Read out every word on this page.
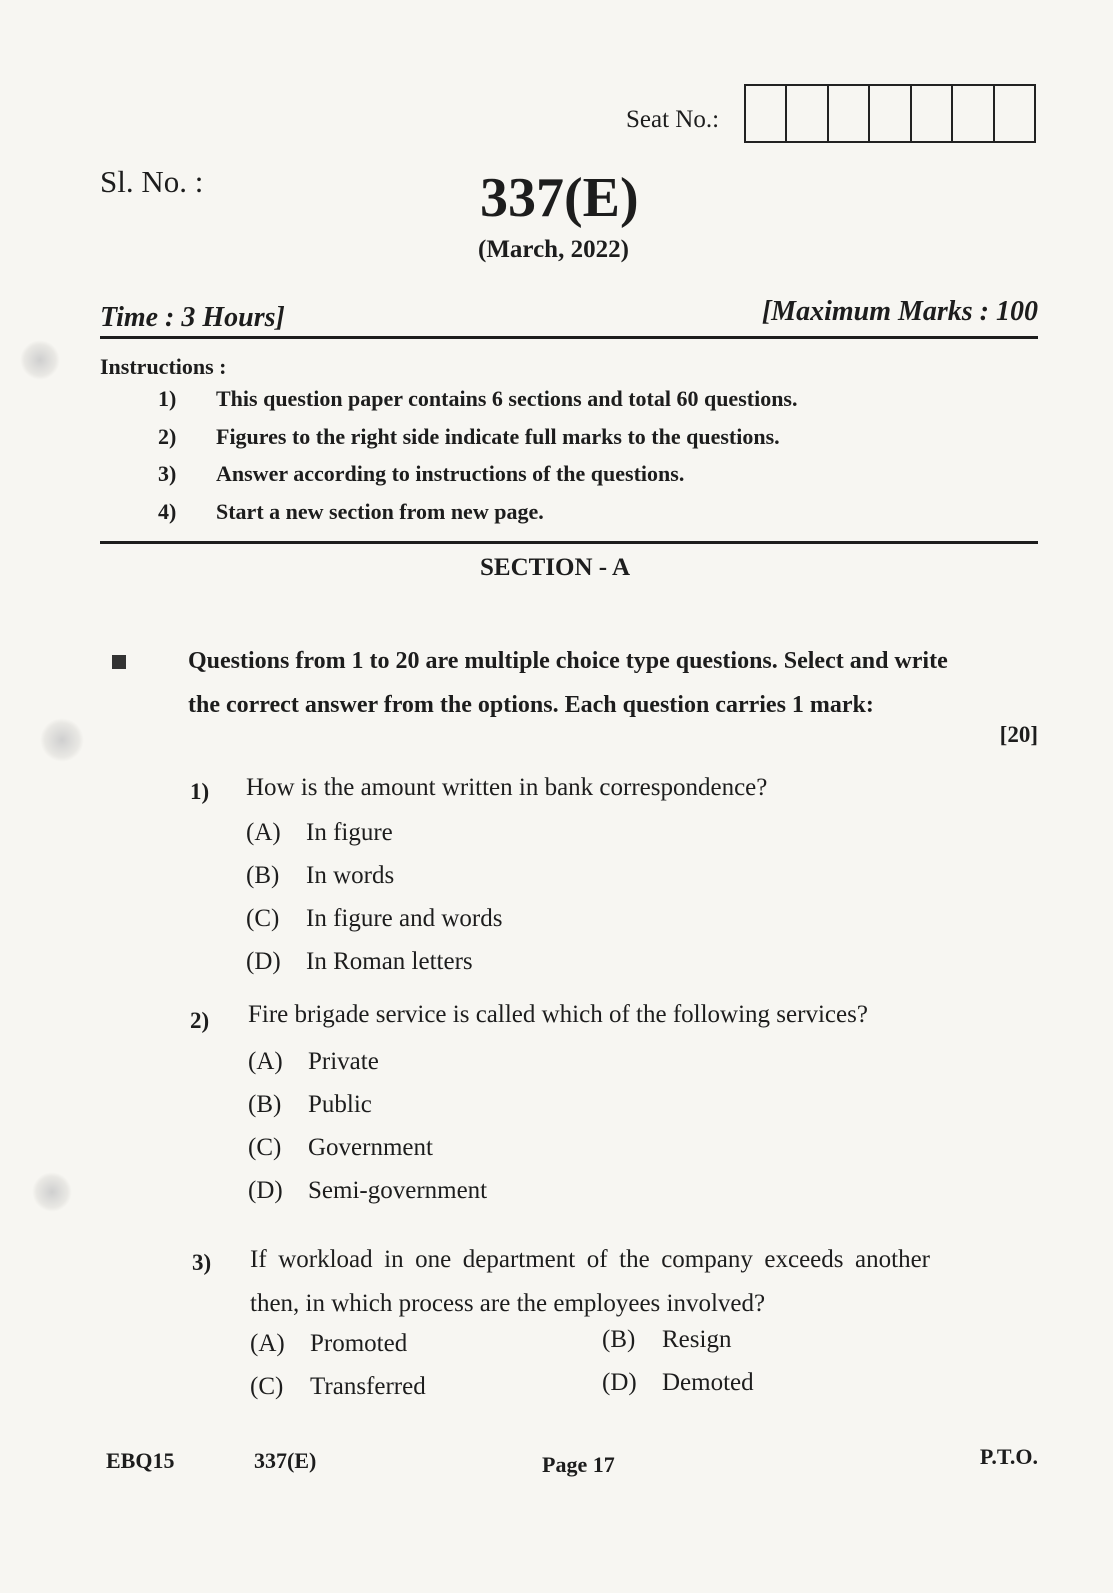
Seat No.:
Sl. No. :	337(E)
(March, 2022)
Time : 3 Hours]	[Maximum Marks : 100
Instructions :
1)	This question paper contains 6 sections and total 60 questions.
2)	Figures to the right side indicate full marks to the questions.
3)	Answer according to instructions of the questions.
4)	Start a new section from new page.
SECTION - A
Questions from 1 to 20 are multiple choice type questions. Select and write the correct answer from the options. Each question carries 1 mark:
[20]
1) How is the amount written in bank correspondence?
(A)	In figure
(B)	In words
(C)	In figure and words
(D)	In Roman letters
2) Fire brigade service is called which of the following services?
(A)	Private
(B)	Public
(C)	Government
(D)	Semi-government
3) If workload in one department of the company exceeds another then, in which process are the employees involved?
(A)	Promoted	(B)	Resign
(C)	Transferred	(D)	Demoted
EBQ15	337(E)	Page 17	P.T.O.
